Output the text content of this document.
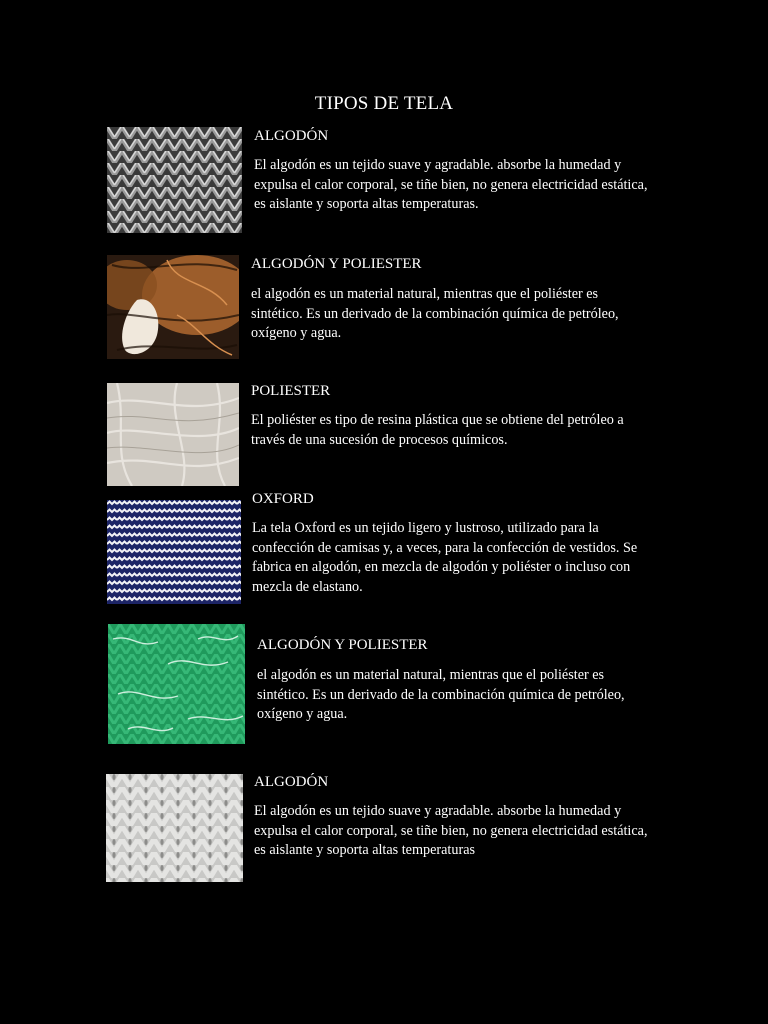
TIPOS DE TELA
ALGODÓN
El algodón es un tejido suave y agradable. absorbe la humedad y expulsa el calor corporal, se tiñe bien, no genera electricidad estática, es aislante y soporta altas temperaturas.
ALGODÓN Y POLIESTER
el algodón es un material natural, mientras que el poliéster es sintético. Es un derivado de la combinación química de petróleo, oxígeno y agua.
POLIESTER
El poliéster es tipo de resina plástica que se obtiene del petróleo a través de una sucesión de procesos químicos.
OXFORD
La tela Oxford es un tejido ligero y lustroso, utilizado para la confección de camisas y, a veces, para la confección de vestidos. Se fabrica en algodón, en mezcla de algodón y poliéster o incluso con mezcla de elastano.
ALGODÓN Y POLIESTER
el algodón es un material natural, mientras que el poliéster es sintético. Es un derivado de la combinación química de petróleo, oxígeno y agua.
ALGODÓN
El algodón es un tejido suave y agradable. absorbe la humedad y expulsa el calor corporal, se tiñe bien, no genera electricidad estática, es aislante y soporta altas temperaturas
